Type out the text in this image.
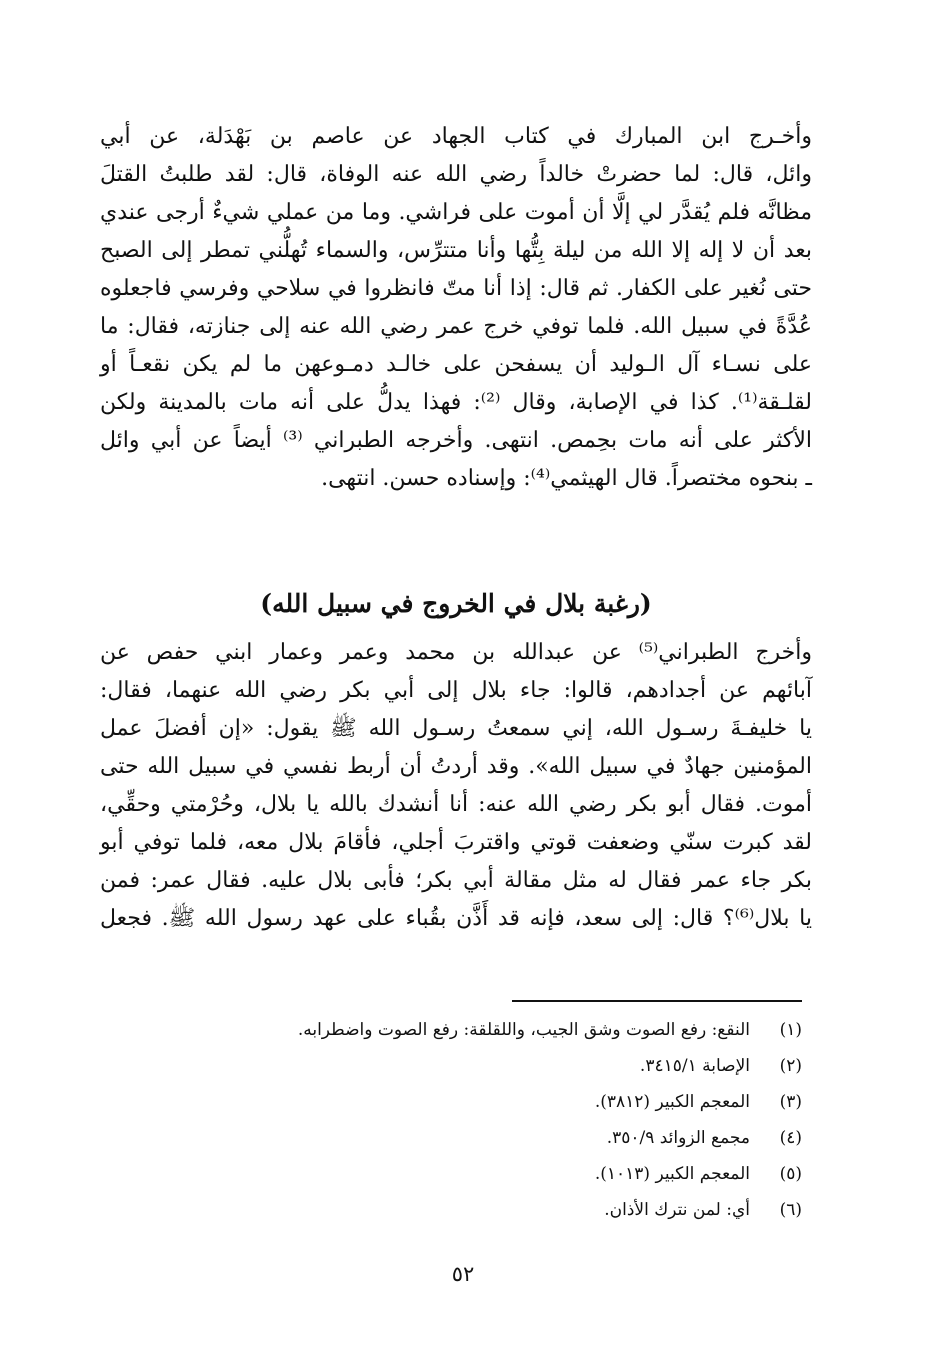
وأخـرج ابن المبارك في كتاب الجهاد عن عاصم بن بَهْدَلة، عن أبي
وائل، قال: لما حضرتْ خالداً رضي الله عنه الوفاة، قال: لقد طلبتُ القتلَ
مظانَّه فلم يُقدَّر لي إلَّا أن أموت على فراشي. وما من عملي شيءٌ أرجى عندي
بعد أن لا إله إلا الله من ليلة بِتُّها وأنا متترِّس، والسماء تُهلُّني تمطر إلى الصبح
حتى نُغير على الكفار. ثم قال: إذا أنا متّ فانظروا في سلاحي وفرسي فاجعلوه
عُدَّةً في سبيل الله. فلما توفي خرج عمر رضي الله عنه إلى جنازته، فقال: ما
على نسـاء آل الـوليد أن يسفحن على خالـد دمـوعهن ما لم يكن نقعـاً أو
لقلـقة⁽¹⁾. كذا في الإصابة، وقال ⁽²⁾: فهذا يدلُّ على أنه مات بالمدينة ولكن
الأكثر على أنه مات بحِمص. انتهى. وأخرجه الطبراني ⁽³⁾ أيضاً عن أبي وائل
ـ بنحوه مختصراً. قال الهيثمي⁽⁴⁾: وإسناده حسن. انتهى.
(رغبة بلال في الخروج في سبيل الله)
وأخرج الطبراني⁽⁵⁾ عن عبدالله بن محمد وعمر وعمار ابني حفص عن
آبائهم عن أجدادهم، قالوا: جاء بلال إلى أبي بكر رضي الله عنهما، فقال:
يا خليفـةَ رسـول الله، إني سمعتُ رسـول الله ﷺ يقول: «إن أفضلَ عمل
المؤمنين جهادٌ في سبيل الله». وقد أردتُ أن أربط نفسي في سبيل الله حتى
أموت. فقال أبو بكر رضي الله عنه: أنا أنشدك بالله يا بلال، وحُرْمتي وحقِّي،
لقد كبرت سنّي وضعفت قوتي واقتربَ أجلي، فأقامَ بلال معه، فلما توفي أبو
بكر جاء عمر فقال له مثل مقالة أبي بكر؛ فأبى بلال عليه. فقال عمر: فمن
يا بلال⁽⁶⁾؟ قال: إلى سعد، فإنه قد أَذَّن بقُباء على عهد رسول الله ﷺ. فجعل
(١)
النقع: رفع الصوت وشق الجيب، واللقلقة: رفع الصوت واضطرابه.
(٢)
الإصابة ٣٤١٥/١.
(٣)
المعجم الكبير (٣٨١٢).
(٤)
مجمع الزوائد ٣٥٠/٩.
(٥)
المعجم الكبير (١٠١٣).
(٦)
أي: لمن نترك الأذان.
٥٢
